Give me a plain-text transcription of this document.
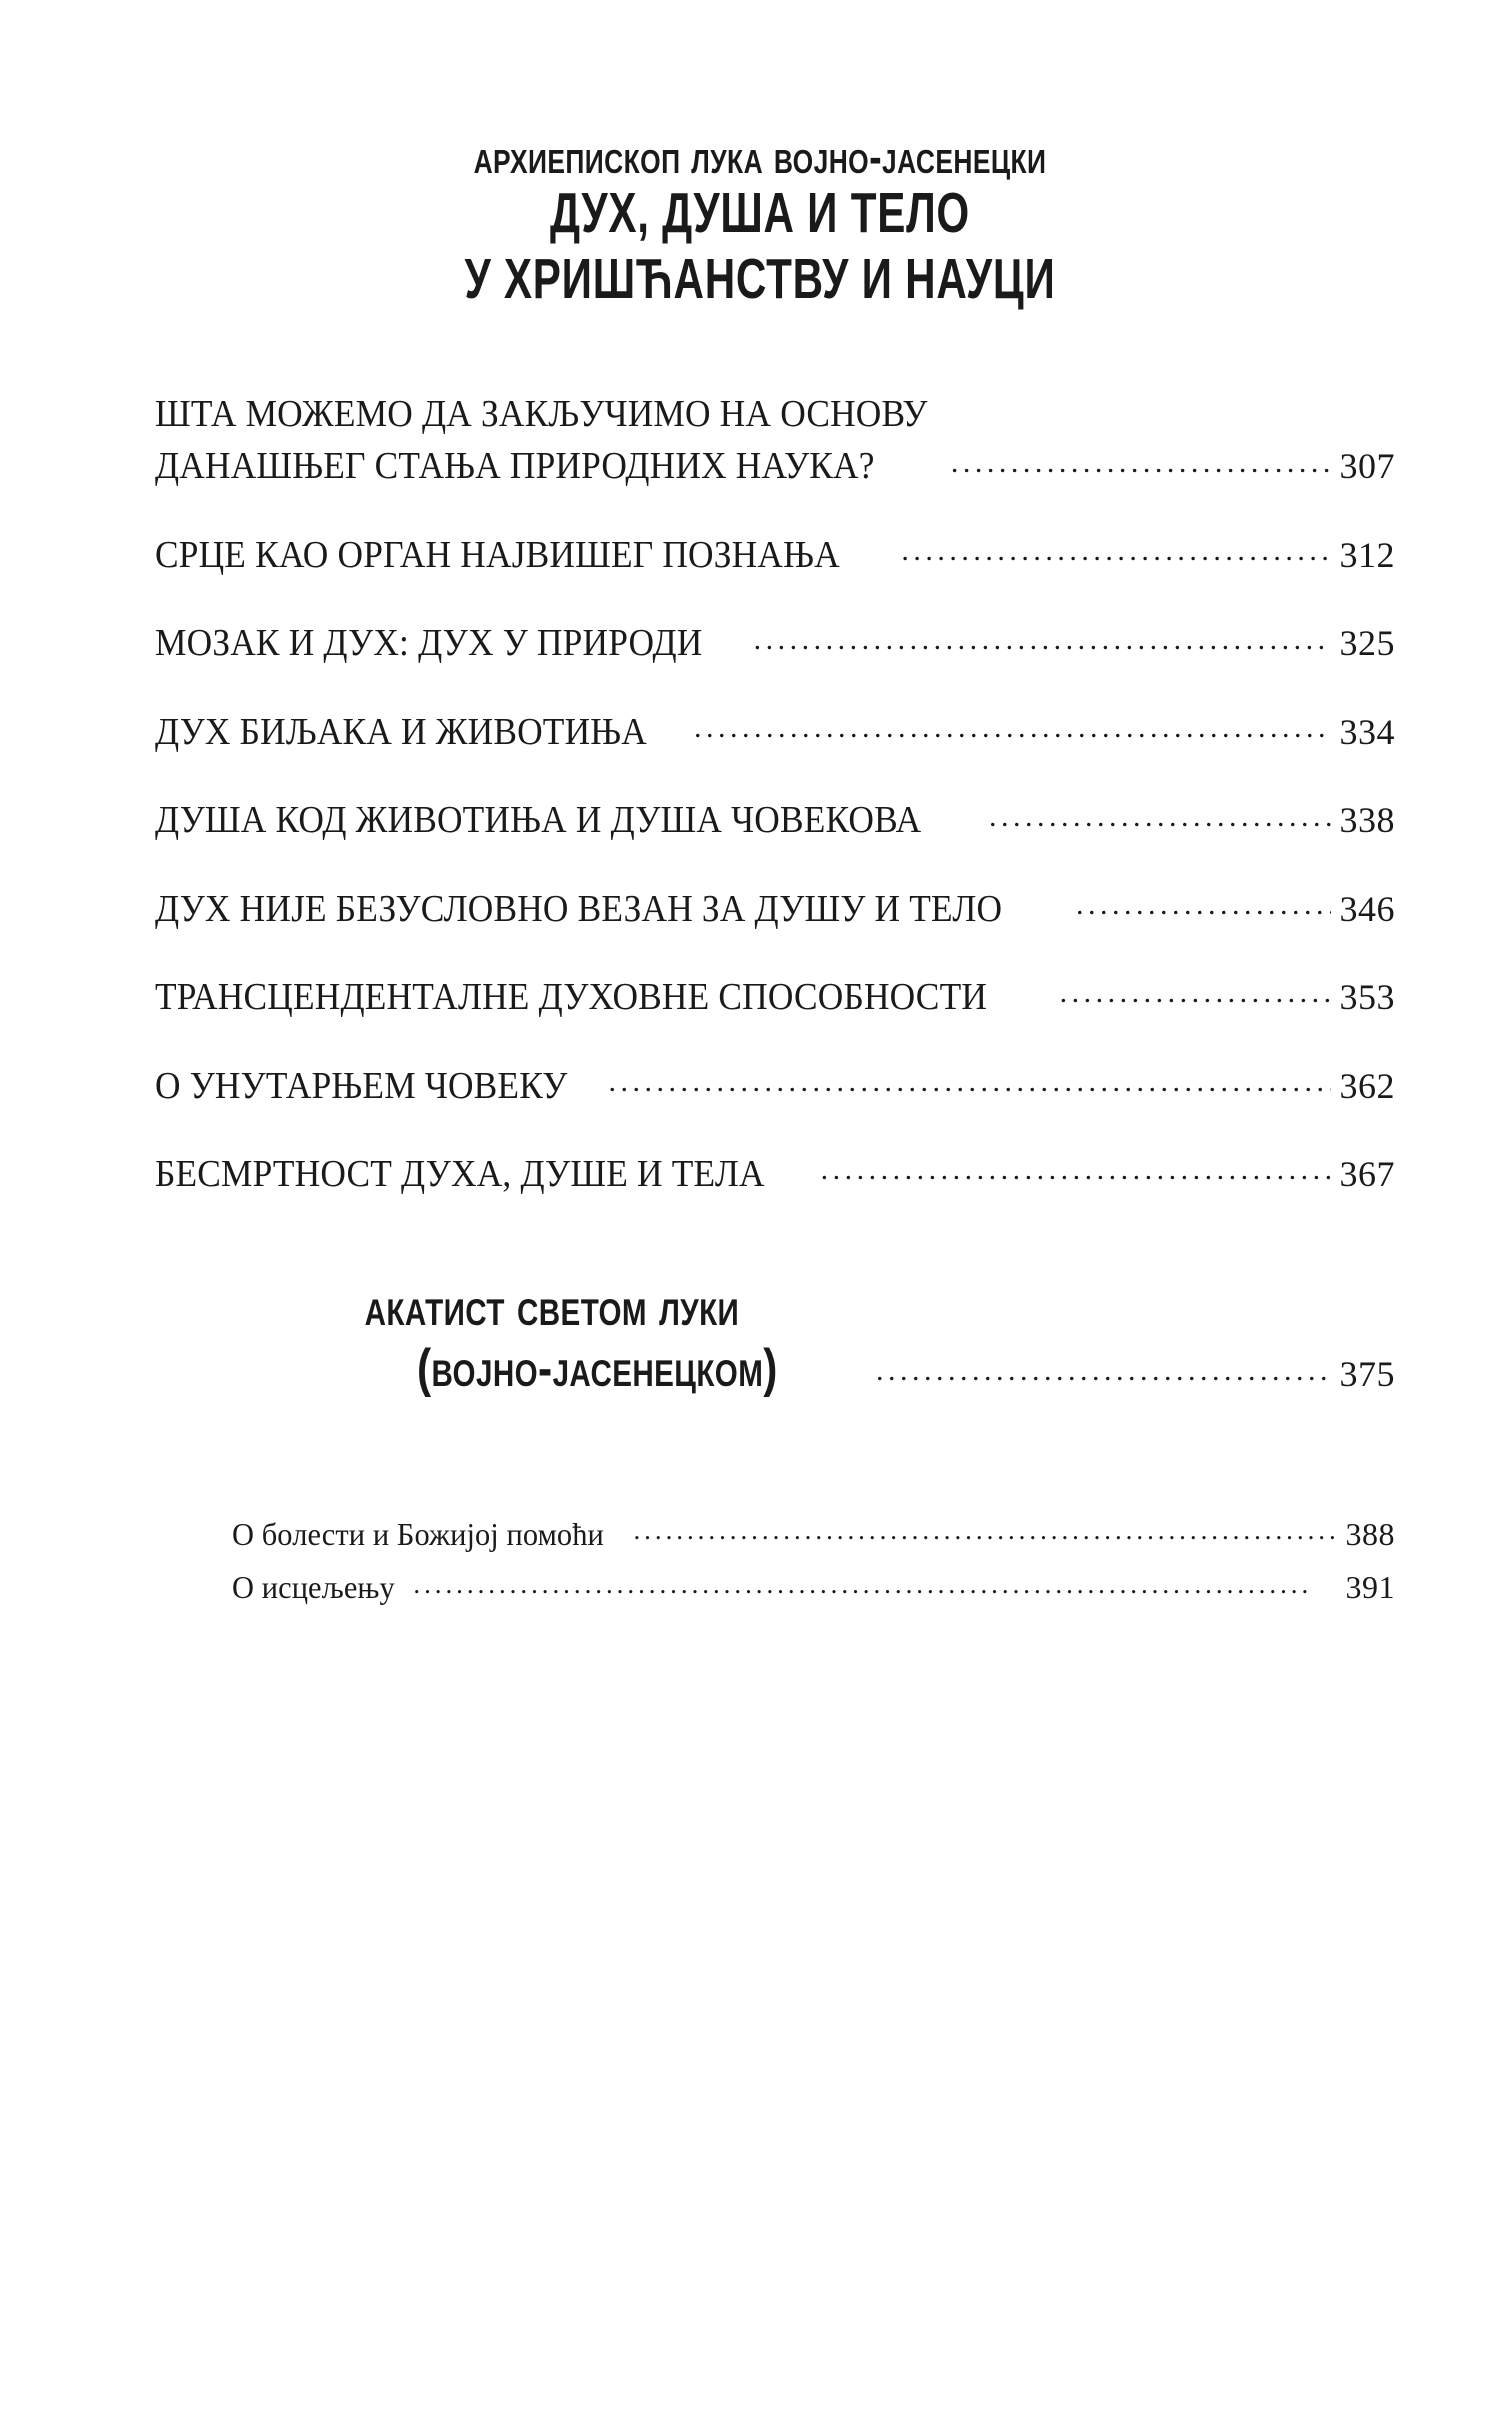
архиепископ лука војно-јасенецки
ДУХ, ДУША И ТЕЛО
У ХРИШЋАНСТВУ И НАУЦИ
ШТА МОЖЕМО ДА ЗАКЉУЧИМО НА ОСНОВУ
ДАНАШЊЕГ СТАЊА ПРИРОДНИХ НАУКА? . . .	307
СРЦЕ КАО ОРГАН НАЈВИШЕГ ПОЗНАЊА . . .	312
МОЗАК И ДУХ: ДУХ У ПРИРОДИ . . .	325
ДУХ БИЉАКА И ЖИВОТИЊА . . .	334
ДУША КОД ЖИВОТИЊА И ДУША ЧОВЕКОВА . . .	338
ДУХ НИЈЕ БЕЗУСЛОВНО ВЕЗАН ЗА ДУШУ И ТЕЛО . . .	346
ТРАНСЦЕНДЕНТАЛНЕ ДУХОВНЕ СПОСОБНОСТИ . . .	353
О УНУТАРЊЕМ ЧОВЕКУ . . .	362
БЕСМРТНОСТ ДУХА, ДУШЕ И ТЕЛА . . .	367
акатист светом луки
(војно-јасенецком) . . .	375
О болести и Божијој помоћи . . .	388
О исцељењу . . .	391
